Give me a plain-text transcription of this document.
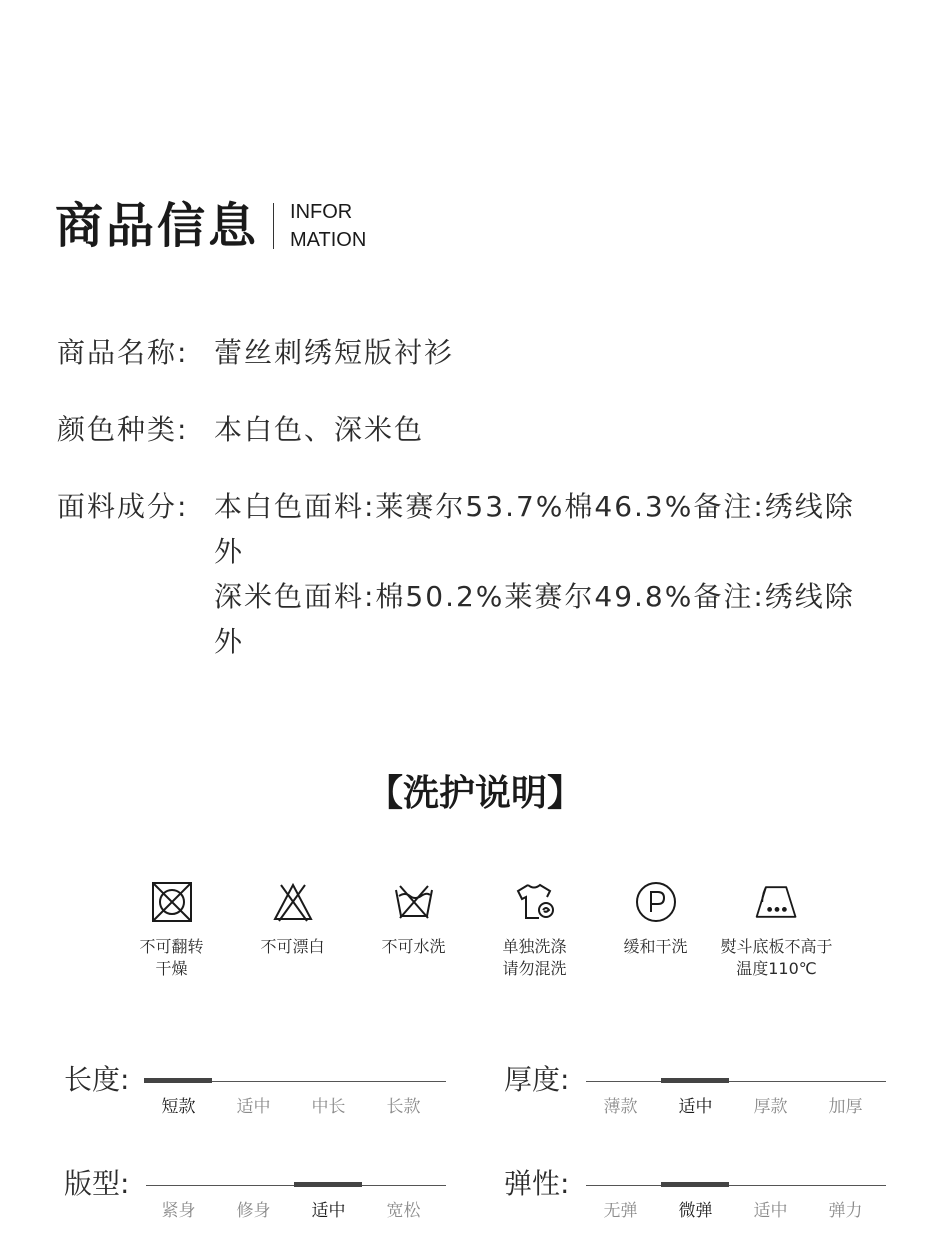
商品信息 INFOR
MATION
商品名称: 蕾丝刺绣短版衬衫
颜色种类: 本白色、深米色
面料成分: 本白色面料:莱赛尔53.7%棉46.3%备注:绣线除外
深米色面料:棉50.2%莱赛尔49.8%备注:绣线除外
【洗护说明】
不可翻转
干燥
不可漂白	不可水洗	单独洗涤
请勿混洗
缓和干洗	熨斗底板不高于
温度110℃
长度:
短款	适中	中长	长款
厚度:
薄款	适中	厚款	加厚
版型:
紧身	修身	适中	宽松
弹性:
无弹	微弹	适中	弹力
